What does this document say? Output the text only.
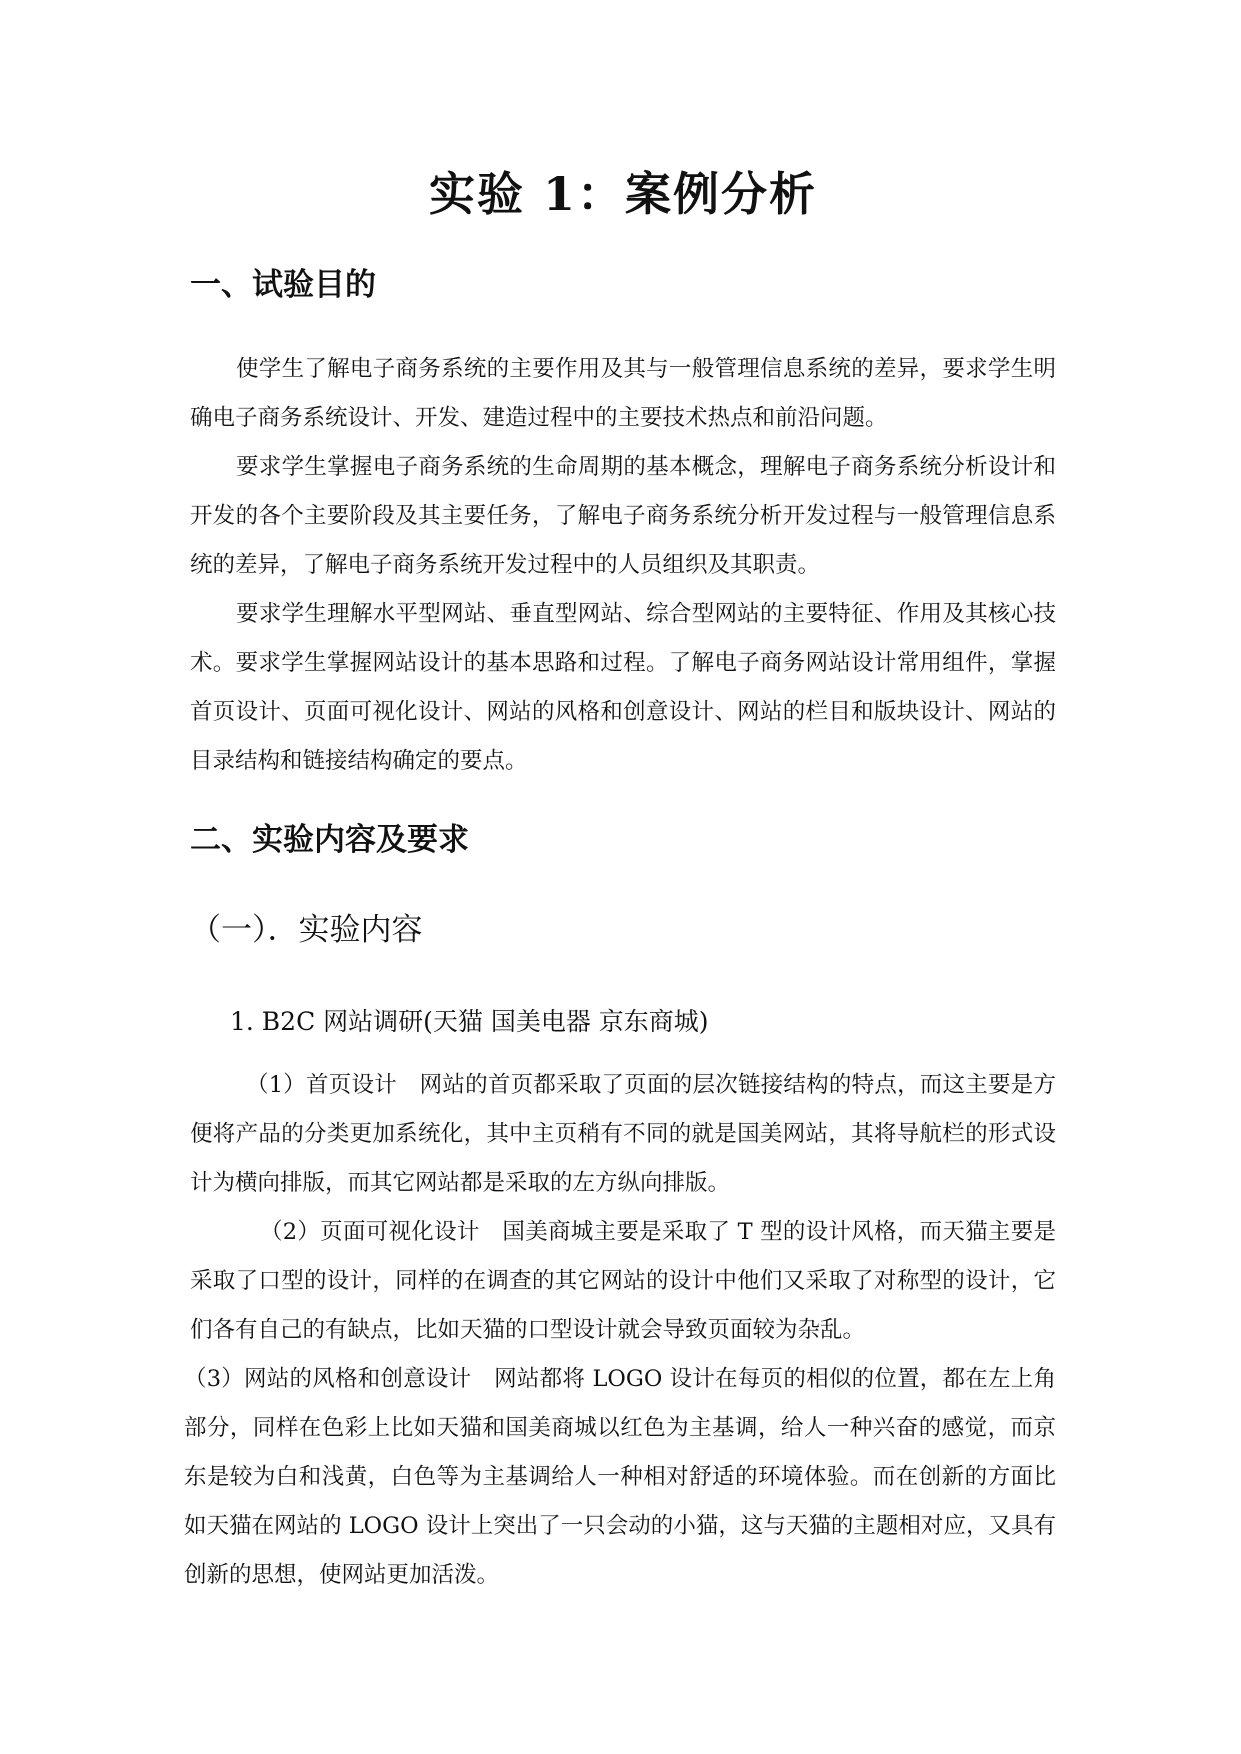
实验 1：案例分析
一、试验目的

使学生了解电子商务系统的主要作用及其与一般管理信息系统的差异，要求学生明确电子商务系统设计、开发、建造过程中的主要技术热点和前沿问题。

要求学生掌握电子商务系统的生命周期的基本概念，理解电子商务系统分析设计和开发的各个主要阶段及其主要任务，了解电子商务系统分析开发过程与一般管理信息系统的差异，了解电子商务系统开发过程中的人员组织及其职责。

要求学生理解水平型网站、垂直型网站、综合型网站的主要特征、作用及其核心技术。要求学生掌握网站设计的基本思路和过程。了解电子商务网站设计常用组件，掌握首页设计、页面可视化设计、网站的风格和创意设计、网站的栏目和版块设计、网站的目录结构和链接结构确定的要点。

二、实验内容及要求
（一）．实验内容
1. B2C 网站调研(天猫 国美电器 京东商城)

（1）首页设计　网站的首页都采取了页面的层次链接结构的特点，而这主要是方便将产品的分类更加系统化，其中主页稍有不同的就是国美网站，其将导航栏的形式设计为横向排版，而其它网站都是采取的左方纵向排版。

（2）页面可视化设计　国美商城主要是采取了 T 型的设计风格，而天猫主要是采取了口型的设计，同样的在调查的其它网站的设计中他们又采取了对称型的设计，它们各有自己的有缺点，比如天猫的口型设计就会导致页面较为杂乱。

（3）网站的风格和创意设计　网站都将 LOGO 设计在每页的相似的位置，都在左上角部分，同样在色彩上比如天猫和国美商城以红色为主基调，给人一种兴奋的感觉，而京东是较为白和浅黄，白色等为主基调给人一种相对舒适的环境体验。而在创新的方面比如天猫在网站的 LOGO 设计上突出了一只会动的小猫，这与天猫的主题相对应，又具有创新的思想，使网站更加活泼。
